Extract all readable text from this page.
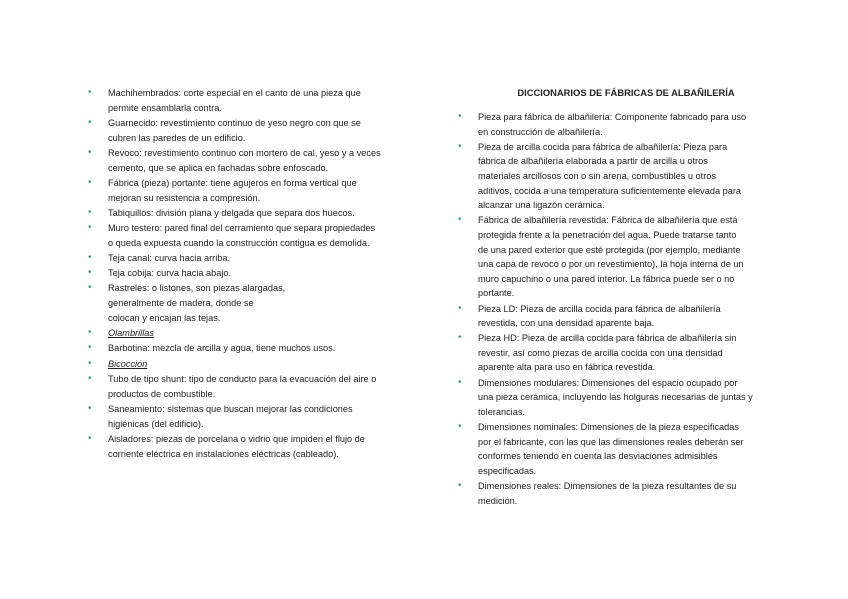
• Machihembrados: corte especial en el canto de una pieza que
permite ensamblarla contra.
• Guarnecido: revestimiento continuo de yeso negro con que se
cubren las paredes de un edificio.
• Revoco: revestimiento continuo con mortero de cal, yeso y a veces
cemento, que se aplica en fachadas sobre enfoscado.
• Fábrica (pieza) portante: tiene agujeros en forma vertical que
mejoran su resistencia a compresión.
• Tabiquillos: división plana y delgada que separa dos huecos.
• Muro testero: pared final del cerramiento que separa propiedades
o queda expuesta cuando la construcción contigua es demolida.
• Teja canal: curva hacia arriba.
• Teja cobija: curva hacia abajo.
• Rastreles: o listones, son piezas alargadas,
generalmente de madera, donde se
colocan y encajan las tejas.
• Olambrillas
• Barbotina: mezcla de arcilla y agua, tiene muchos usos.
• Bicocción
• Tubo de tipo shunt: tipo de conducto para la evacuación del aire o
productos de combustible.
• Saneamiento: sistemas que buscan mejorar las condiciones
higiénicas (del edificio).
• Aisladores: piezas de porcelana o vidrio que impiden el flujo de
corriente eléctrica en instalaciones eléctricas (cableado).
DICCIONARIOS DE FÁBRICAS DE ALBAÑILERÍA
• Pieza para fábrica de albañilería: Componente fabricado para uso
en construcción de albañilería.
• Pieza de arcilla cocida para fábrica de albañilería: Pieza para
fábrica de albañilería elaborada a partir de arcilla u otros
materiales arcillosos con o sin arena, combustibles u otros
aditivos, cocida a una temperatura suficientemente elevada para
alcanzar una ligazón cerámica.
• Fábrica de albañilería revestida: Fábrica de albañilería que está
protegida frente a la penetración del agua. Puede tratarse tanto
de una pared exterior que esté protegida (por ejemplo, mediante
una capa de revoco o por un revestimiento), la hoja interna de un
muro capuchino o una pared interior. La fábrica puede ser o no
portante.
• Pieza LD: Pieza de arcilla cocida para fábrica de albañilería
revestida, con una densidad aparente baja.
• Pieza HD: Pieza de arcilla cocida para fábrica de albañilería sin
revestir, así como piezas de arcilla cocida con una densidad
aparente alta para uso en fábrica revestida.
• Dimensiones modulares: Dimensiones del espacio ocupado por
una pieza cerámica, incluyendo las holguras necesarias de juntas y
tolerancias.
• Dimensiones nominales: Dimensiones de la pieza especificadas
por el fabricante, con las que las dimensiones reales deberán ser
conformes teniendo en cuenta las desviaciones admisibles
especificadas.
• Dimensiones reales: Dimensiones de la pieza resultantes de su
medición.
